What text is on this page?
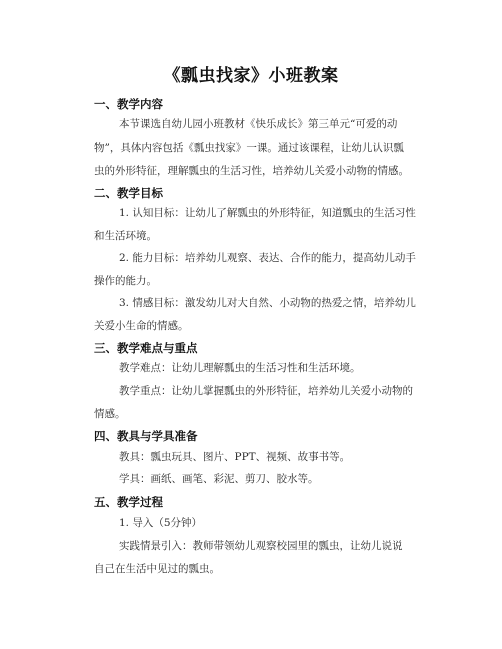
《瓢虫找家》小班教案
一、教学内容
本节课选自幼儿园小班教材《快乐成长》第三单元“可爱的动
物”，具体内容包括《瓢虫找家》一课。通过该课程，让幼儿认识瓢
虫的外形特征，理解瓢虫的生活习性，培养幼儿关爱小动物的情感。
二、教学目标
1. 认知目标：让幼儿了解瓢虫的外形特征，知道瓢虫的生活习性
和生活环境。
2. 能力目标：培养幼儿观察、表达、合作的能力，提高幼儿动手
操作的能力。
3. 情感目标：激发幼儿对大自然、小动物的热爱之情，培养幼儿
关爱小生命的情感。
三、教学难点与重点
教学难点：让幼儿理解瓢虫的生活习性和生活环境。
教学重点：让幼儿掌握瓢虫的外形特征，培养幼儿关爱小动物的
情感。
四、教具与学具准备
教具：瓢虫玩具、图片、PPT、视频、故事书等。
学具：画纸、画笔、彩泥、剪刀、胶水等。
五、教学过程
1. 导入（5分钟）
实践情景引入：教师带领幼儿观察校园里的瓢虫，让幼儿说说
自己在生活中见过的瓢虫。
